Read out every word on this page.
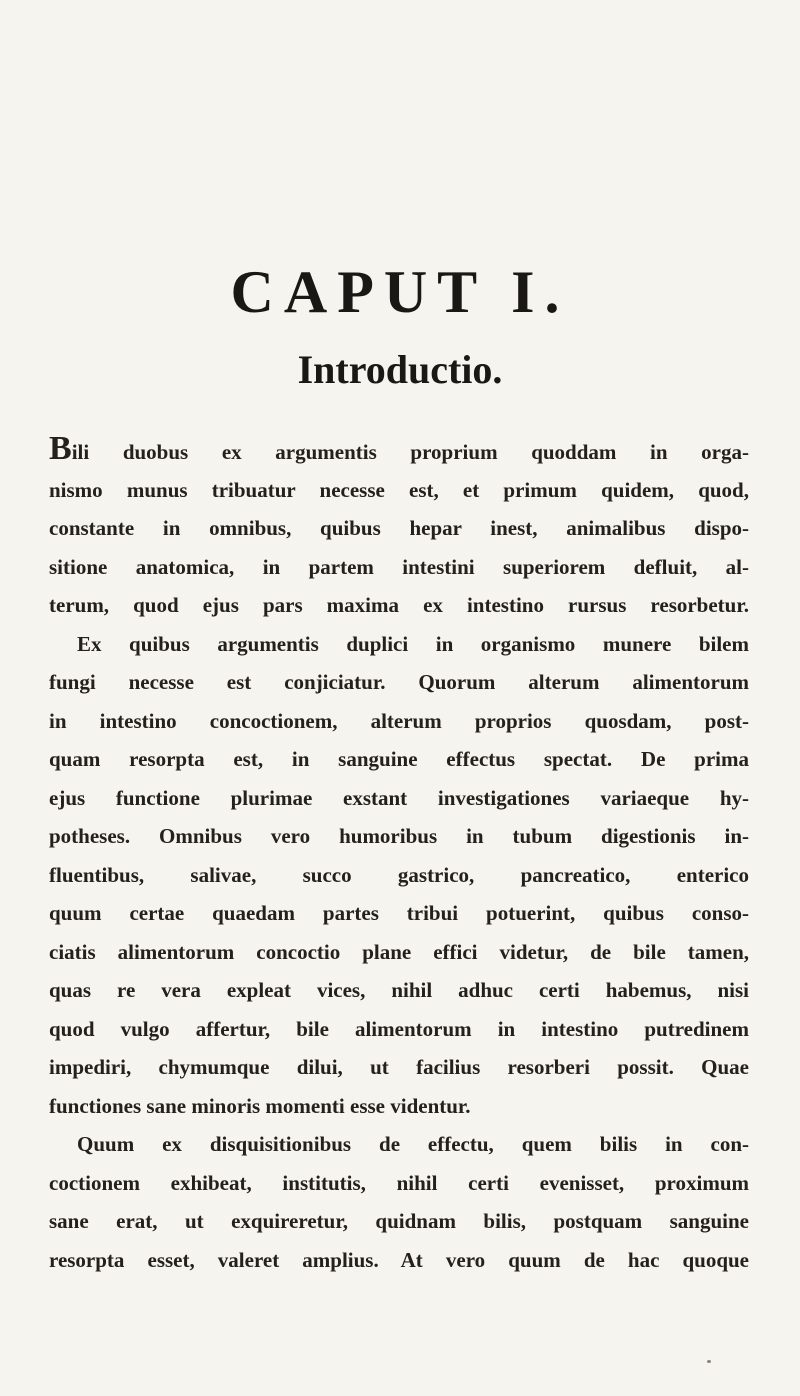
CAPUT I.
Introductio.
Bili duobus ex argumentis proprium quoddam in orga-
nismo munus tribuatur necesse est, et primum quidem, quod,
constante in omnibus, quibus hepar inest, animalibus dispo-
sitione anatomica, in partem intestini superiorem defluit, al-
terum, quod ejus pars maxima ex intestino rursus resorbetur.
Ex quibus argumentis duplici in organismo munere bilem
fungi necesse est conjiciatur. Quorum alterum alimentorum
in intestino concoctionem, alterum proprios quosdam, post-
quam resorpta est, in sanguine effectus spectat. De prima
ejus functione plurimae exstant investigationes variaeque hy-
potheses. Omnibus vero humoribus in tubum digestionis in-
fluentibus, salivae, succo gastrico, pancreatico, enterico
quum certae quaedam partes tribui potuerint, quibus conso-
ciatis alimentorum concoctio plane effici videtur, de bile tamen,
quas re vera expleat vices, nihil adhuc certi habemus, nisi
quod vulgo affertur, bile alimentorum in intestino putredinem
impediri, chymumque dilui, ut facilius resorberi possit. Quae
functiones sane minoris momenti esse videntur.
Quum ex disquisitionibus de effectu, quem bilis in con-
coctionem exhibeat, institutis, nihil certi evenisset, proximum
sane erat, ut exquireretur, quidnam bilis, postquam sanguine
resorpta esset, valeret amplius. At vero quum de hac quoque
